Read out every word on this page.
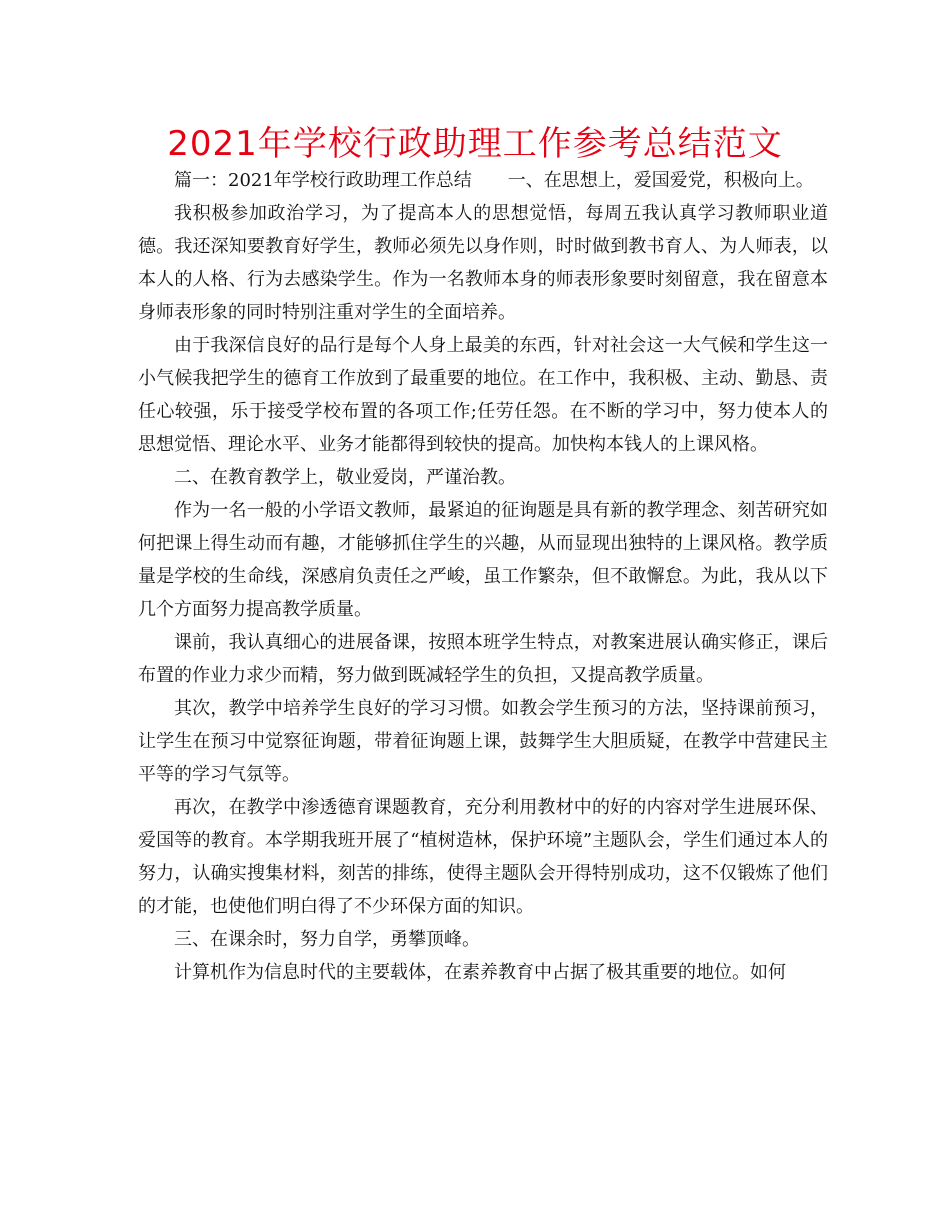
2021年学校行政助理工作参考总结范文

篇一：2021年学校行政助理工作总结　　一、在思想上，爱国爱党，积极向上。

我积极参加政治学习，为了提高本人的思想觉悟，每周五我认真学习教师职业道德。我还深知要教育好学生，教师必须先以身作则，时时做到教书育人、为人师表，以本人的人格、行为去感染学生。作为一名教师本身的师表形象要时刻留意，我在留意本身师表形象的同时特别注重对学生的全面培养。

由于我深信良好的品行是每个人身上最美的东西，针对社会这一大气候和学生这一小气候我把学生的德育工作放到了最重要的地位。在工作中，我积极、主动、勤恳、责任心较强，乐于接受学校布置的各项工作;任劳任怨。在不断的学习中，努力使本人的思想觉悟、理论水平、业务才能都得到较快的提高。加快构本钱人的上课风格。

二、在教育教学上，敬业爱岗，严谨治教。

作为一名一般的小学语文教师，最紧迫的征询题是具有新的教学理念、刻苦研究如何把课上得生动而有趣，才能够抓住学生的兴趣，从而显现出独特的上课风格。教学质量是学校的生命线，深感肩负责任之严峻，虽工作繁杂，但不敢懈怠。为此，我从以下几个方面努力提高教学质量。

课前，我认真细心的进展备课，按照本班学生特点，对教案进展认确实修正，课后布置的作业力求少而精，努力做到既减轻学生的负担，又提高教学质量。

其次，教学中培养学生良好的学习习惯。如教会学生预习的方法，坚持课前预习，让学生在预习中觉察征询题，带着征询题上课，鼓舞学生大胆质疑，在教学中营建民主平等的学习气氛等。

再次，在教学中渗透德育课题教育，充分利用教材中的好的内容对学生进展环保、爱国等的教育。本学期我班开展了“植树造林，保护环境”主题队会，学生们通过本人的努力，认确实搜集材料，刻苦的排练，使得主题队会开得特别成功，这不仅锻炼了他们的才能，也使他们明白得了不少环保方面的知识。

三、在课余时，努力自学，勇攀顶峰。

计算机作为信息时代的主要载体，在素养教育中占据了极其重要的地位。如何
